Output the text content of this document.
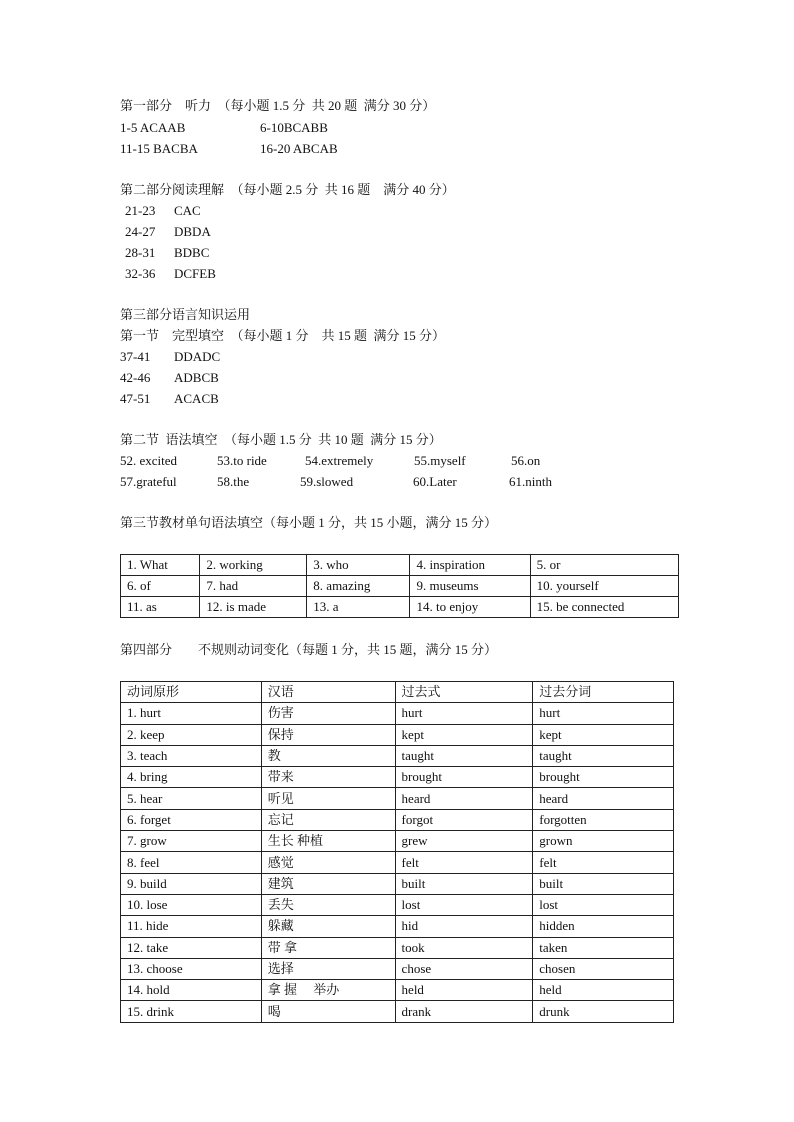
第一部分　听力　（每小题 1.5 分  共 20 题  满分 30 分）
1-5 ACAAB	6-10BCABB
11-15 BACBA	16-20 ABCAB
第二部分阅读理解　（每小题 2.5 分  共 16 题　满分 40 分）
21-23 CAC
24-27 DBDA
28-31 BDBC
32-36 DCFEB
第三部分语言知识运用
第一节　完型填空　（每小题 1 分　共 15 题  满分 15 分）
37-41 DDADC
42-46 ADBCB
47-51 ACACB
第二节  语法填空  （每小题 1.5 分  共 10 题  满分 15 分）
52. excited	53.to ride	54.extremely	55.myself	56.on
57.grateful	58.the	59.slowed	60.Later	61.ninth
第三节教材单句语法填空（每小题 1 分，共 15 小题，满分 15 分）
1. What	2. working	3. who	4. inspiration	5. or
6. of	7. had	8. amazing	9. museums	10. yourself
11. as	12. is made	13. a	14. to enjoy	15. be connected
第四部分　　不规则动词变化（每题 1 分，共 15 题，满分 15 分）
动词原形	汉语	过去式	过去分词
1. hurt	伤害	hurt	hurt
2. keep	保持	kept	kept
3. teach	教	taught	taught
4. bring	带来	brought	brought
5. hear	听见	heard	heard
6. forget	忘记	forgot	forgotten
7. grow	生长 种植	grew	grown
8. feel	感觉	felt	felt
9. build	建筑	built	built
10. lose	丢失	lost	lost
11. hide	躲藏	hid	hidden
12. take	带 拿	took	taken
13. choose	选择	chose	chosen
14. hold	拿 握　 举办	held	held
15. drink	喝	drank	drunk
